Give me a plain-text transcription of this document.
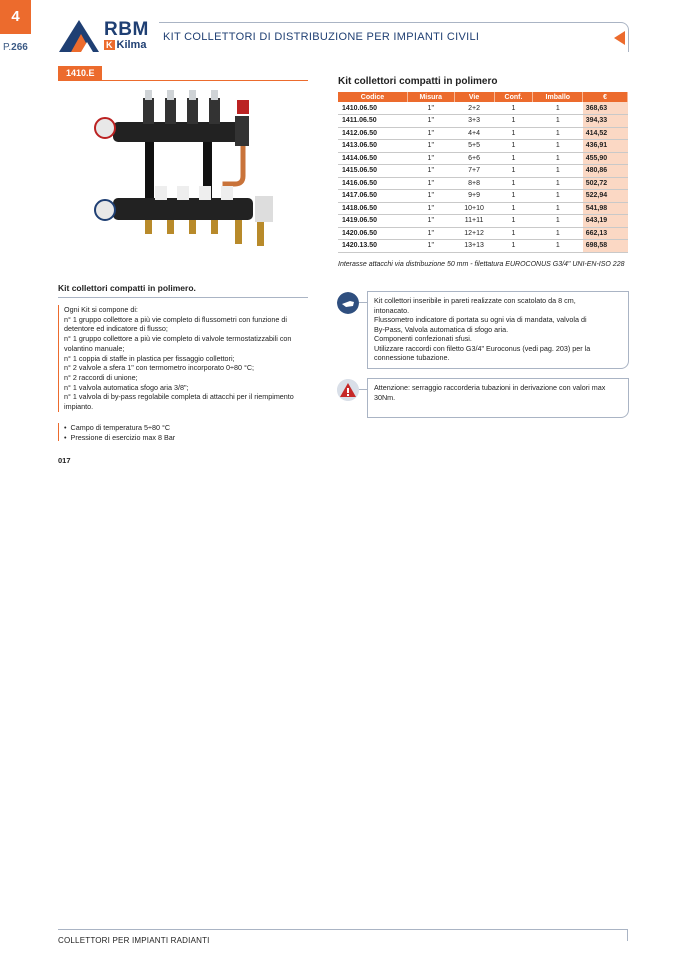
4
P.266
RBM
K Kilma
KIT COLLETTORI DI DISTRIBUZIONE PER IMPIANTI CIVILI
1410.E
Kit collettori compatti in polimero
Codice	Misura	Vie	Conf.	Imballo	€
1410.06.50	1"	2+2	1	1	368,63
1411.06.50	1"	3+3	1	1	394,33
1412.06.50	1"	4+4	1	1	414,52
1413.06.50	1"	5+5	1	1	436,91
1414.06.50	1"	6+6	1	1	455,90
1415.06.50	1"	7+7	1	1	480,86
1416.06.50	1"	8+8	1	1	502,72
1417.06.50	1"	9+9	1	1	522,94
1418.06.50	1"	10+10	1	1	541,98
1419.06.50	1"	11+11	1	1	643,19
1420.06.50	1"	12+12	1	1	662,13
1420.13.50	1"	13+13	1	1	698,58
Interasse attacchi via distribuzione 50 mm - filettatura EUROCONUS G3/4" UNI-EN-ISO 228
Kit collettori compatti in polimero.
Ogni Kit si compone di:
n° 1 gruppo collettore a più vie completo di flussometri con funzione di
detentore ed indicatore di flusso;
n° 1 gruppo collettore a più vie completo di valvole termostatizzabili con
volantino manuale;
n° 1 coppia di staffe in plastica per fissaggio collettori;
n° 2 valvole a sfera 1" con termometro incorporato 0÷80 °C;
n° 2 raccordi di unione;
n° 1 valvola automatica sfogo aria 3/8";
n° 1 valvola di by-pass regolabile completa di attacchi per il riempimento
impianto.
• Campo di temperatura 5÷80 °C
• Pressione di esercizio max 8 Bar
017
Kit collettori inseribile in pareti realizzate con scatolato da 8 cm,
intonacato.
Flussometro indicatore di portata su ogni via di mandata, valvola di
By-Pass, Valvola automatica di sfogo aria.
Componenti confezionati sfusi.
Utilizzare raccordi con filetto G3/4" Euroconus (vedi pag. 203) per la
connessione tubazione.
Attenzione: serraggio raccorderia tubazioni in derivazione con valori max
30Nm.
COLLETTORI PER IMPIANTI RADIANTI
